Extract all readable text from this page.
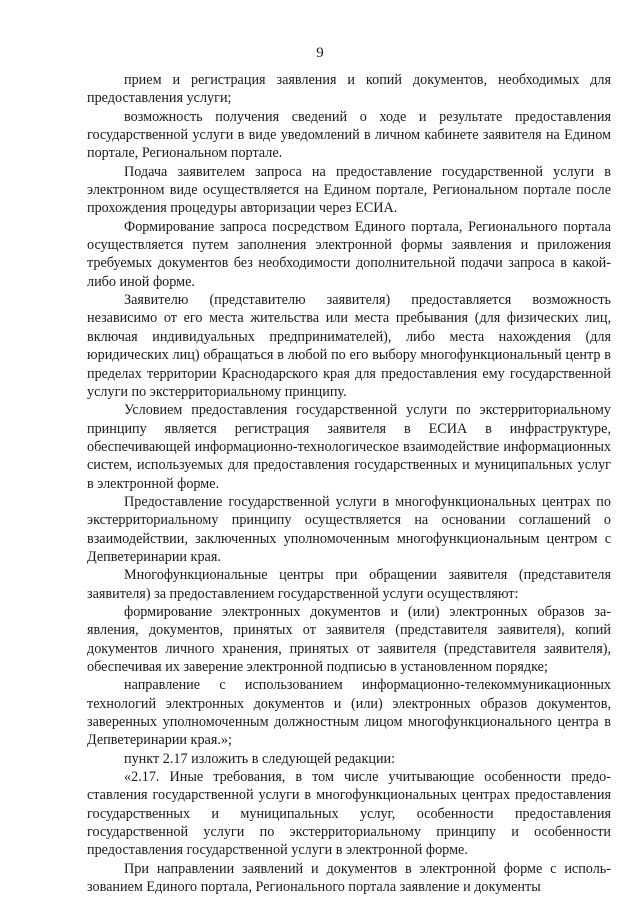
9

прием и регистрация заявления и копий документов, необходимых для предоставления услуги;

возможность получения сведений о ходе и результате предоставления государственной услуги в виде уведомлений в личном кабинете заявителя на Едином портале, Региональном портале.

Подача заявителем запроса на предоставление государственной услуги в электронном виде осуществляется на Едином портале, Региональном портале после прохождения процедуры авторизации через ЕСИА.

Формирование запроса посредством Единого портала, Регионального портала осуществляется путем заполнения электронной формы заявления и приложения требуемых документов без необходимости дополнительной подачи запроса в какой-либо иной форме.

Заявителю (представителю заявителя) предоставляется возможность независимо от его места жительства или места пребывания (для физических лиц, включая индивидуальных предпринимателей), либо места нахождения (для юридических лиц) обращаться в любой по его выбору многофункциональный центр в пределах территории Краснодарского края для предоставления ему государственной услуги по экстерриториальному принципу.

Условием предоставления государственной услуги по экстерриториальному принципу является регистрация заявителя в ЕСИА в инфраструктуре, обеспечивающей информационно-технологическое взаимодействие информационных систем, используемых для предоставления государственных и муниципальных услуг в электронной форме.

Предоставление государственной услуги в многофункциональных центрах по экстерриториальному принципу осуществляется на основании соглашений о взаимодействии, заключенных уполномоченным многофункциональным центром с Депветеринарии края.

Многофункциональные центры при обращении заявителя (представителя заявителя) за предоставлением государственной услуги осуществляют:

формирование электронных документов и (или) электронных образов заявления, документов, принятых от заявителя (представителя заявителя), копий документов личного хранения, принятых от заявителя (представителя заявителя), обеспечивая их заверение электронной подписью в установленном порядке;

направление с использованием информационно-телекоммуникационных технологий электронных документов и (или) электронных образов документов, заверенных уполномоченным должностным лицом многофункционального центра в Депветеринарии края.»;

пункт 2.17 изложить в следующей редакции:

«2.17. Иные требования, в том числе учитывающие особенности предоставления государственной услуги в многофункциональных центрах предоставления государственных и муниципальных услуг, особенности предоставления государственной услуги по экстерриториальному принципу и особенности предоставления государственной услуги в электронной форме.

При направлении заявлений и документов в электронной форме с использованием Единого портала, Регионального портала заявление и документы
